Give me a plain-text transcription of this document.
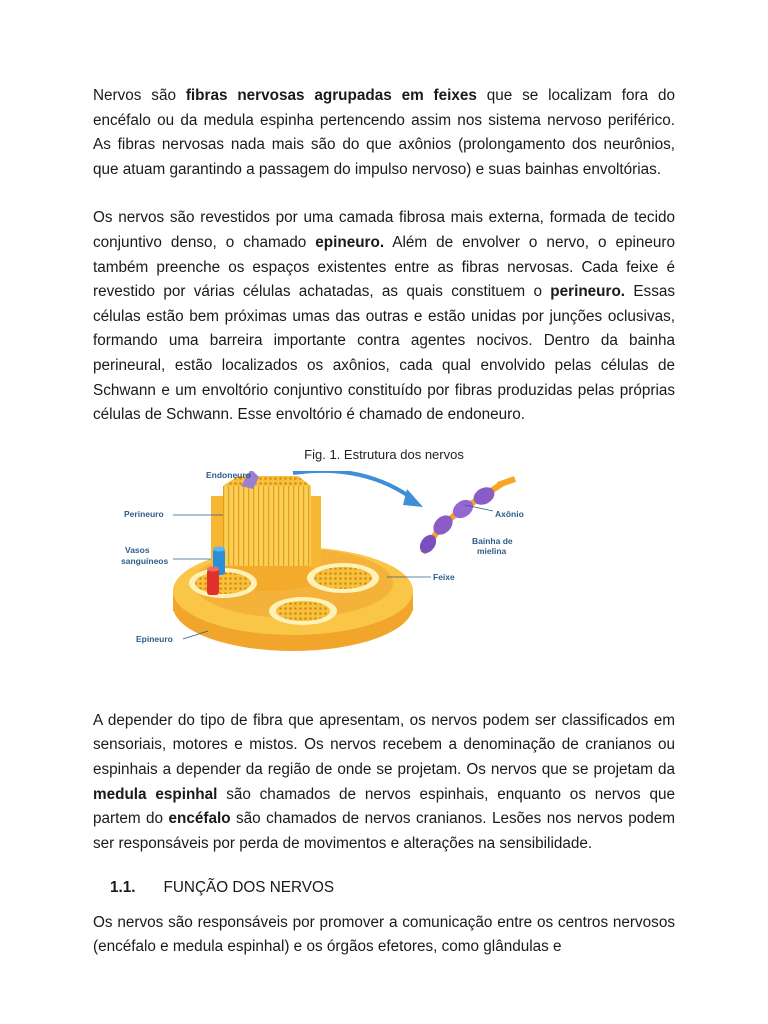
Nervos são fibras nervosas agrupadas em feixes que se localizam fora do encéfalo ou da medula espinha pertencendo assim nos sistema nervoso periférico. As fibras nervosas nada mais são do que axônios (prolongamento dos neurônios, que atuam garantindo a passagem do impulso nervoso) e suas bainhas envoltórias.

Os nervos são revestidos por uma camada fibrosa mais externa, formada de tecido conjuntivo denso, o chamado epineuro. Além de envolver o nervo, o epineuro também preenche os espaços existentes entre as fibras nervosas. Cada feixe é revestido por várias células achatadas, as quais constituem o perineuro. Essas células estão bem próximas umas das outras e estão unidas por junções oclusivas, formando uma barreira importante contra agentes nocivos. Dentro da bainha perineural, estão localizados os axônios, cada qual envolvido pelas células de Schwann e um envoltório conjuntivo constituído por fibras produzidas pelas próprias células de Schwann. Esse envoltório é chamado de endoneuro.

Fig. 1. Estrutura dos nervos
Endoneuro
Perineuro
Vasos
sanguíneos
Epineuro
Axônio
Bainha de
mielina
Feixe

A depender do tipo de fibra que apresentam, os nervos podem ser classificados em sensoriais, motores e mistos. Os nervos recebem a denominação de cranianos ou espinhais a depender da região de onde se projetam. Os nervos que se projetam da medula espinhal são chamados de nervos espinhais, enquanto os nervos que partem do encéfalo são chamados de nervos cranianos. Lesões nos nervos podem ser responsáveis por perda de movimentos e alterações na sensibilidade.

1.1. FUNÇÃO DOS NERVOS

Os nervos são responsáveis por promover a comunicação entre os centros nervosos (encéfalo e medula espinhal) e os órgãos efetores, como glândulas e
